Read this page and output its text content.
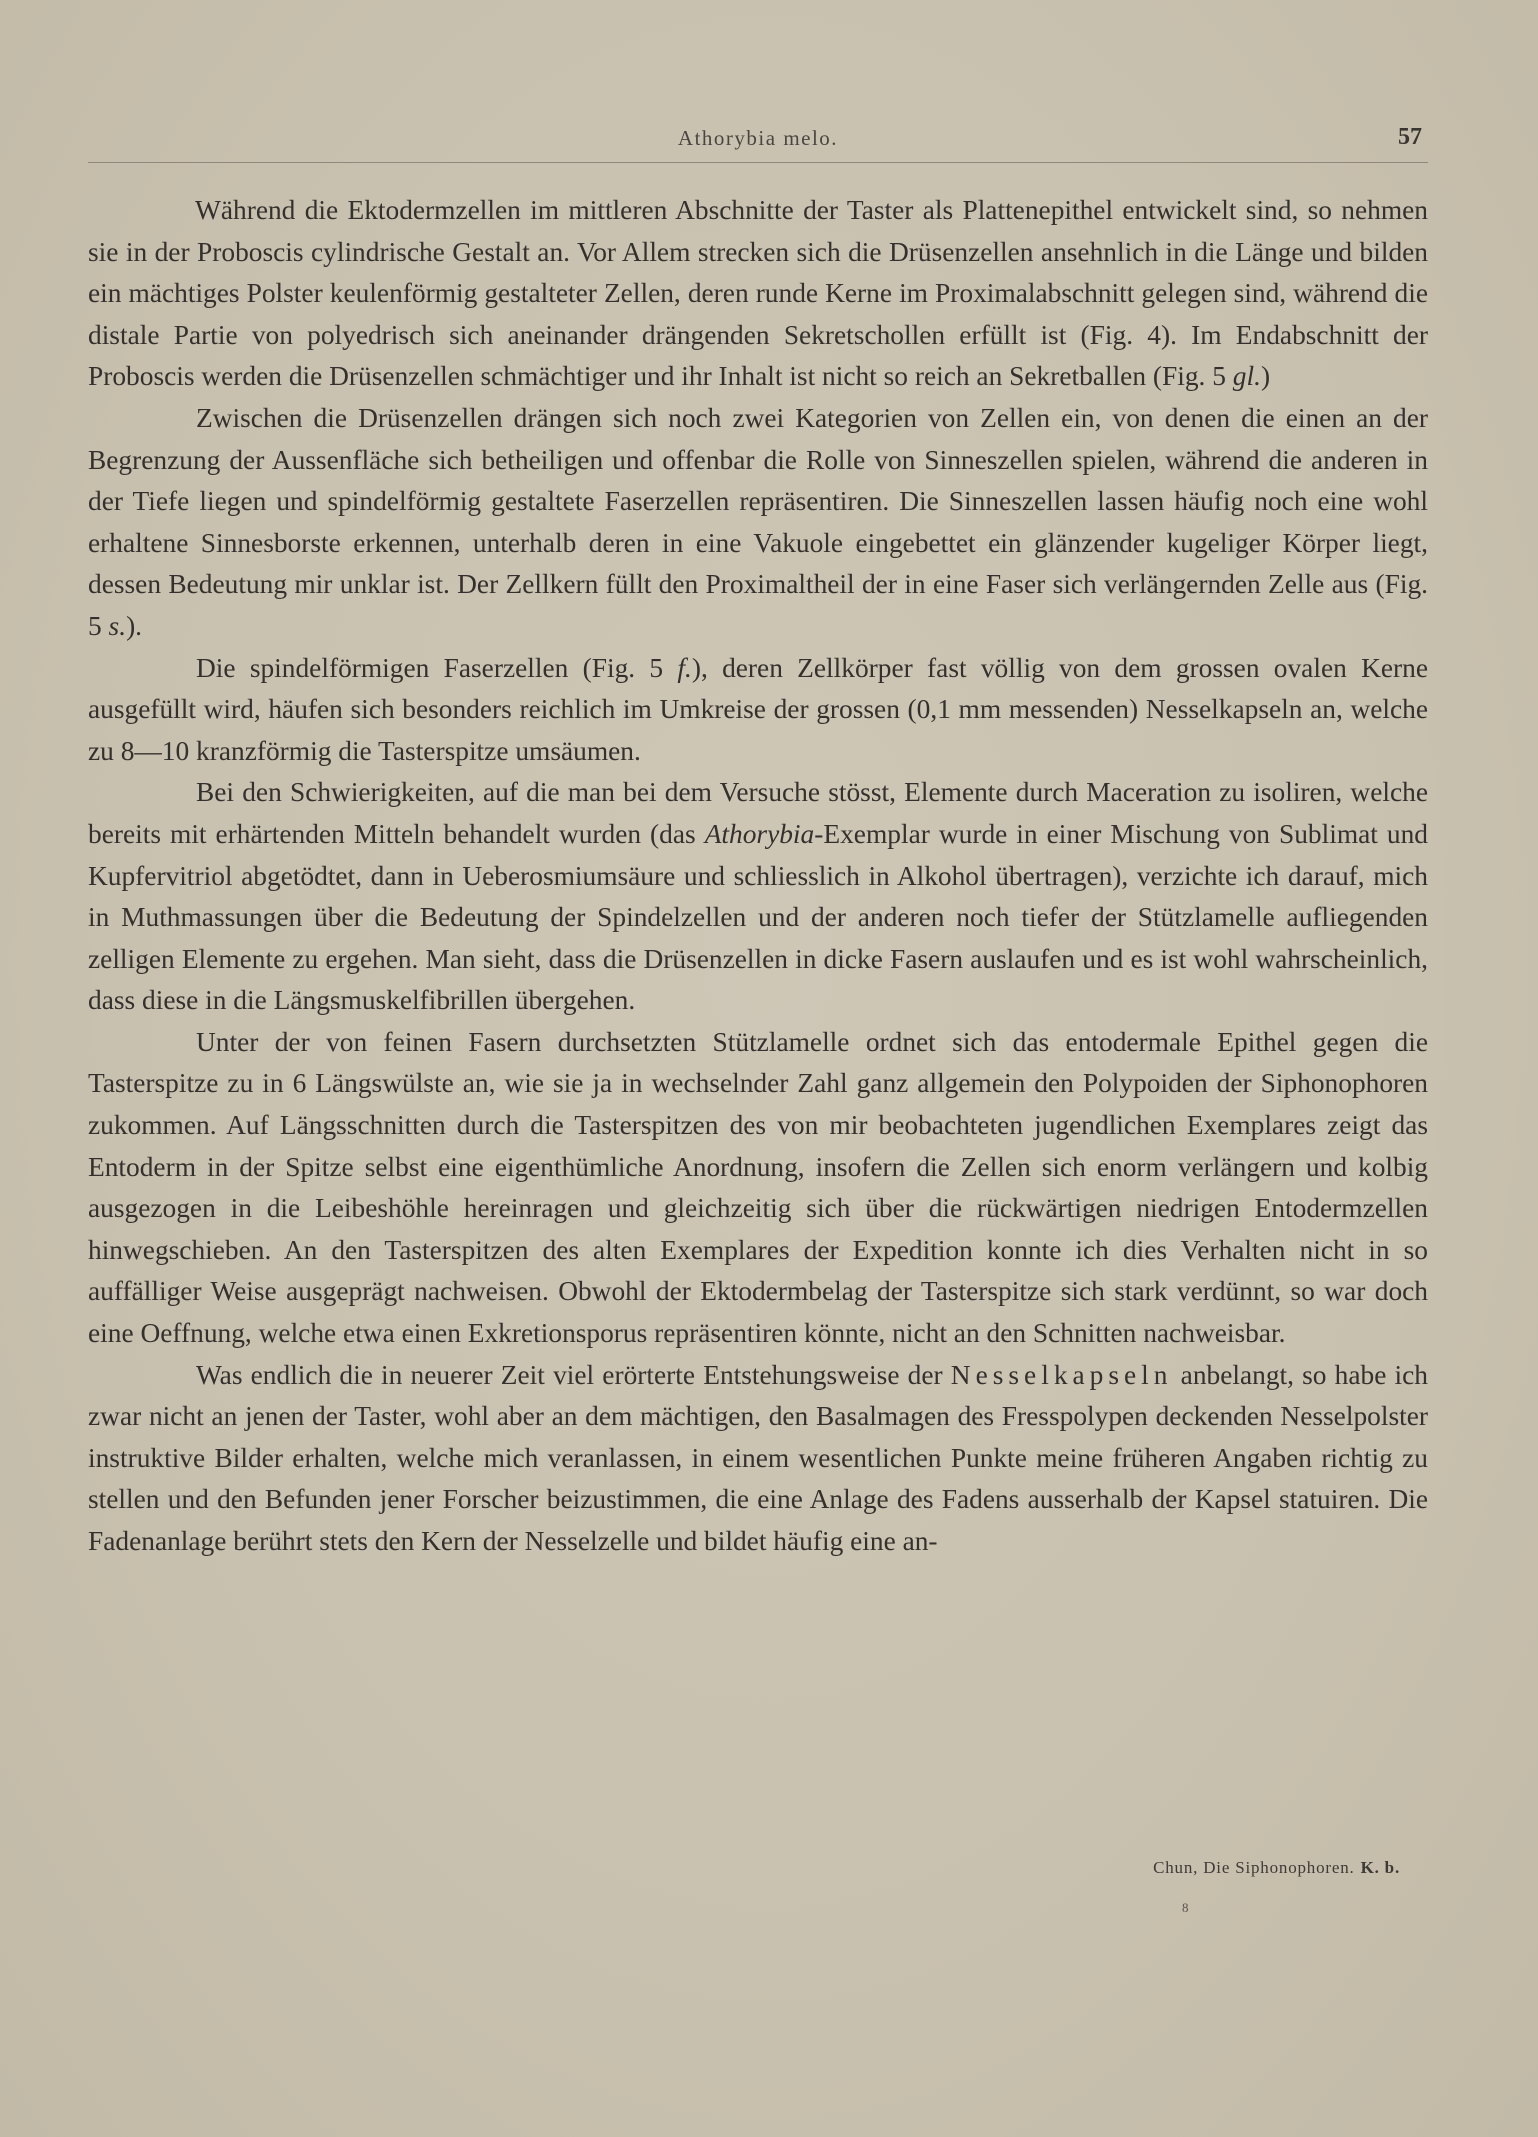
Athorybia melo.	57

Während die Ektodermzellen im mittleren Abschnitte der Taster als Plattenepithel entwickelt sind, so nehmen sie in der Proboscis cylindrische Gestalt an. Vor Allem strecken sich die Drüsenzellen ansehnlich in die Länge und bilden ein mächtiges Polster keulenförmig gestalteter Zellen, deren runde Kerne im Proximalabschnitt gelegen sind, während die distale Partie von polyedrisch sich aneinander drängenden Sekretschollen erfüllt ist (Fig. 4). Im Endabschnitt der Proboscis werden die Drüsenzellen schmächtiger und ihr Inhalt ist nicht so reich an Sekretballen (Fig. 5 gl.)

Zwischen die Drüsenzellen drängen sich noch zwei Kategorien von Zellen ein, von denen die einen an der Begrenzung der Aussenfläche sich betheiligen und offenbar die Rolle von Sinneszellen spielen, während die anderen in der Tiefe liegen und spindelförmig gestaltete Faserzellen repräsentiren. Die Sinneszellen lassen häufig noch eine wohl erhaltene Sinnesborste erkennen, unterhalb deren in eine Vakuole eingebettet ein glänzender kugeliger Körper liegt, dessen Bedeutung mir unklar ist. Der Zellkern füllt den Proximaltheil der in eine Faser sich verlängernden Zelle aus (Fig. 5 s.).

Die spindelförmigen Faserzellen (Fig. 5 f.), deren Zellkörper fast völlig von dem grossen ovalen Kerne ausgefüllt wird, häufen sich besonders reichlich im Umkreise der grossen (0,1 mm messenden) Nesselkapseln an, welche zu 8—10 kranzförmig die Tasterspitze umsäumen.

Bei den Schwierigkeiten, auf die man bei dem Versuche stösst, Elemente durch Maceration zu isoliren, welche bereits mit erhärtenden Mitteln behandelt wurden (das Athorybia-Exemplar wurde in einer Mischung von Sublimat und Kupfervitriol abgetödtet, dann in Ueberosmiumsäure und schliesslich in Alkohol übertragen), verzichte ich darauf, mich in Muthmassungen über die Bedeutung der Spindelzellen und der anderen noch tiefer der Stützlamelle aufliegenden zelligen Elemente zu ergehen. Man sieht, dass die Drüsenzellen in dicke Fasern auslaufen und es ist wohl wahrscheinlich, dass diese in die Längsmuskelfibrillen übergehen.

Unter der von feinen Fasern durchsetzten Stützlamelle ordnet sich das entodermale Epithel gegen die Tasterspitze zu in 6 Längswülste an, wie sie ja in wechselnder Zahl ganz allgemein den Polypoiden der Siphonophoren zukommen. Auf Längsschnitten durch die Tasterspitzen des von mir beobachteten jugendlichen Exemplares zeigt das Entoderm in der Spitze selbst eine eigenthümliche Anordnung, insofern die Zellen sich enorm verlängern und kolbig ausgezogen in die Leibeshöhle hereinragen und gleichzeitig sich über die rückwärtigen niedrigen Entodermzellen hinwegschieben. An den Tasterspitzen des alten Exemplares der Expedition konnte ich dies Verhalten nicht in so auffälliger Weise ausgeprägt nachweisen. Obwohl der Ektodermbelag der Tasterspitze sich stark verdünnt, so war doch eine Oeffnung, welche etwa einen Exkretionsporus repräsentiren könnte, nicht an den Schnitten nachweisbar.

Was endlich die in neuerer Zeit viel erörterte Entstehungsweise der Nesselkapseln anbelangt, so habe ich zwar nicht an jenen der Taster, wohl aber an dem mächtigen, den Basalmagen des Fresspolypen deckenden Nesselpolster instruktive Bilder erhalten, welche mich veranlassen, in einem wesentlichen Punkte meine früheren Angaben richtig zu stellen und den Befunden jener Forscher beizustimmen, die eine Anlage des Fadens ausserhalb der Kapsel statuiren. Die Fadenanlage berührt stets den Kern der Nesselzelle und bildet häufig eine an-

Chun, Die Siphonophoren. K. b.
8
